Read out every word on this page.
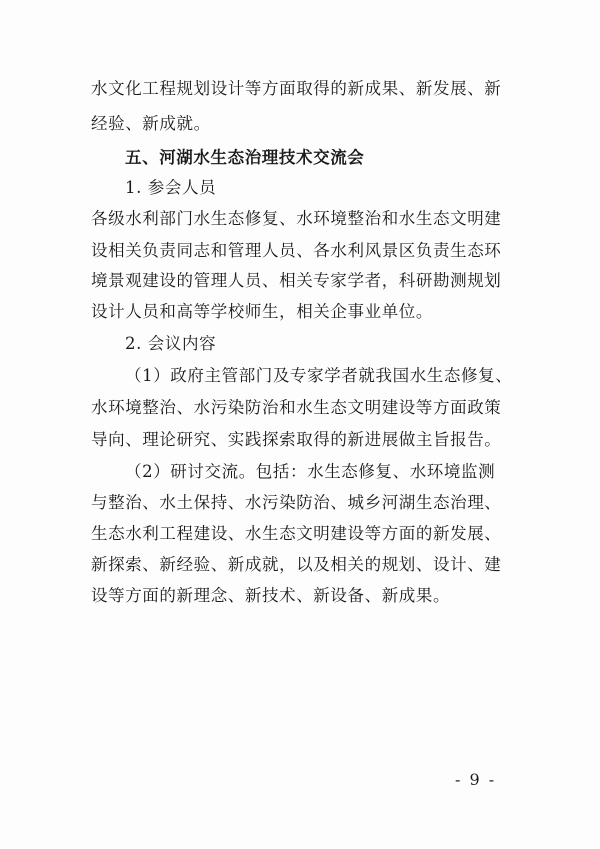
水文化工程规划设计等方面取得的新成果、新发展、新
经验、新成就。
五、河湖水生态治理技术交流会
1. 参会人员
各级水利部门水生态修复、水环境整治和水生态文明建
设相关负责同志和管理人员、各水利风景区负责生态环
境景观建设的管理人员、相关专家学者，科研勘测规划
设计人员和高等学校师生，相关企事业单位。
2. 会议内容
（1）政府主管部门及专家学者就我国水生态修复、
水环境整治、水污染防治和水生态文明建设等方面政策
导向、理论研究、实践探索取得的新进展做主旨报告。
（2）研讨交流。包括：水生态修复、水环境监测
与整治、水土保持、水污染防治、城乡河湖生态治理、
生态水利工程建设、水生态文明建设等方面的新发展、
新探索、新经验、新成就，以及相关的规划、设计、建
设等方面的新理念、新技术、新设备、新成果。
- 9 -
